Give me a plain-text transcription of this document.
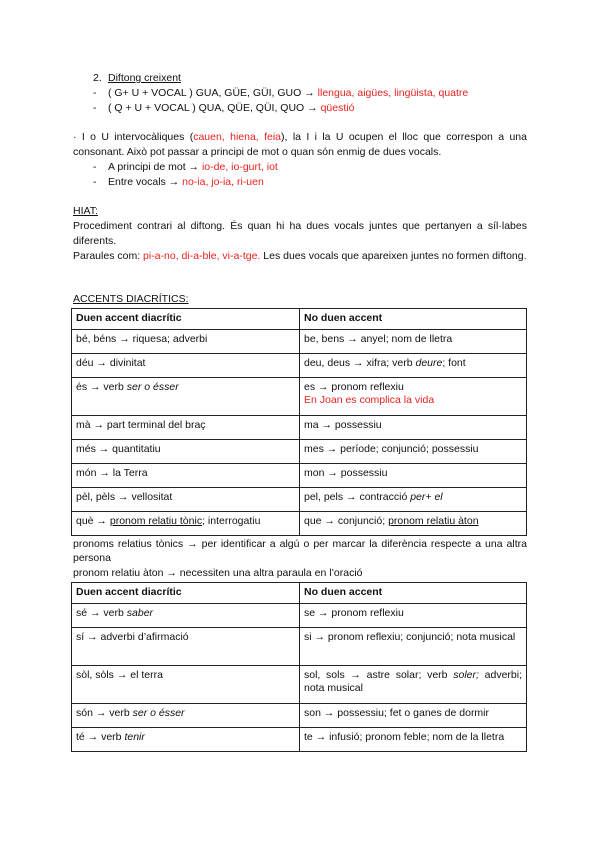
2. Diftong creixent
- ( G+ U + VOCAL ) GUA, GÜE, GÜI, GUO → llengua, aigües, lingüista, quatre
- ( Q + U + VOCAL ) QUA, QÜE, QÜI, QUO → qüestió
· I o U intervocàliques (cauen, hiena, feia), la I i la U ocupen el lloc que correspon a una consonant. Això pot passar a principi de mot o quan són enmig de dues vocals.
- A principi de mot → io-de, io-gurt, iot
- Entre vocals → no-ia, jo-ia, ri-uen
HIAT:
Procediment contrari al diftong. És quan hi ha dues vocals juntes que pertanyen a síl·labes diferents.
Paraules com: pi-a-no, di-a-ble, vi-a-tge. Les dues vocals que apareixen juntes no formen diftong.
ACCENTS DIACRÍTICS:
Duen accent diacrític	No duen accent
bé, béns → riquesa; adverbi	be, bens → anyel; nom de lletra
déu → divinitat	deu, deus → xifra; verb deure; font
és → verb ser o ésser	es → pronom reflexiu
En Joan es complica la vida

mà → part terminal del braç	ma → possessiu
més → quantitatiu	mes → període; conjunció; possessiu
món → la Terra	mon → possessiu
pèl, pèls → vellositat	pel, pels → contracció per+ el
què → pronom relatiu tònic; interrogatiu	que → conjunció; pronom relatiu àton
pronoms relatius tònics → per identificar a algú o per marcar la diferència respecte a una altra persona
pronom relatiu àton → necessiten una altra paraula en l’oració
Duen accent diacrític	No duen accent
sé → verb saber	se → pronom reflexiu
sí → adverbi d’afirmació	si → pronom reflexiu; conjunció; nota musical
sòl, sòls → el terra	sol, sols → astre solar; verb soler; adverbi; nota musical
són → verb ser o ésser	son → possessiu; fet o ganes de dormir
té → verb tenir	te → infusió; pronom feble; nom de la lletra
